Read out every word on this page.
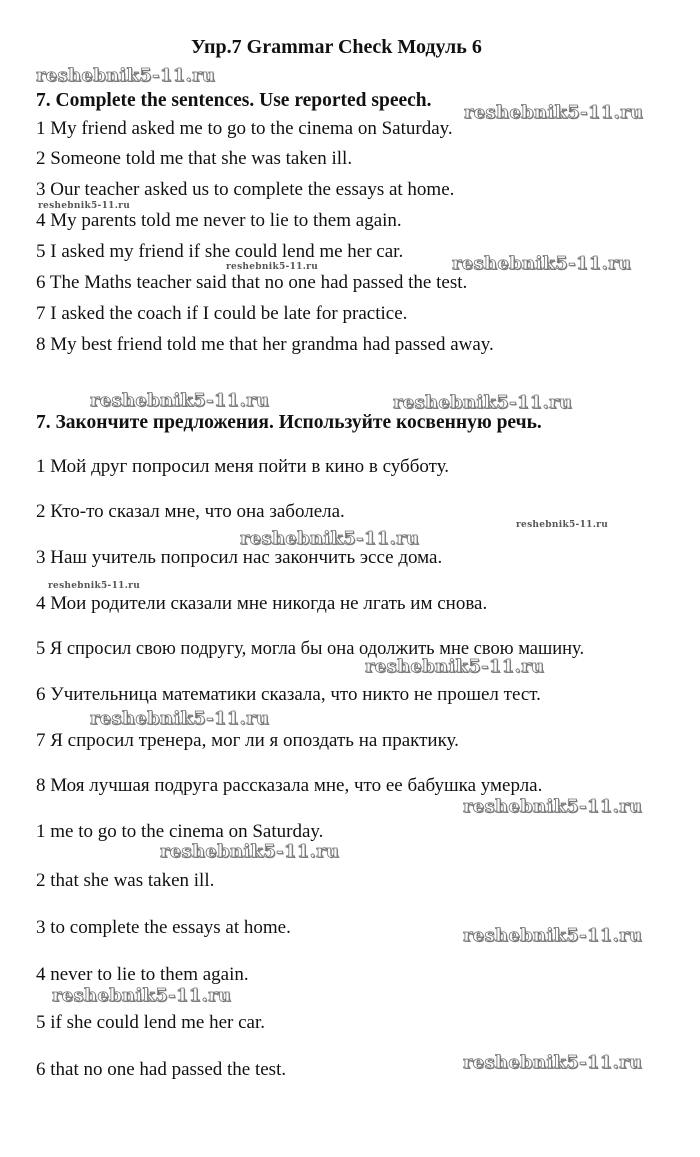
Упр.7 Grammar Check Модуль 6
7. Complete the sentences. Use reported speech.
1 My friend asked me to go to the cinema on Saturday.
2 Someone told me that she was taken ill.
3 Our teacher asked us to complete the essays at home.
4 My parents told me never to lie to them again.
5 I asked my friend if she could lend me her car.
6 The Maths teacher said that no one had passed the test.
7 I asked the coach if I could be late for practice.
8 My best friend told me that her grandma had passed away.
7. Закончите предложения. Используйте косвенную речь.
1 Мой друг попросил меня пойти в кино в субботу.
2 Кто-то сказал мне, что она заболела.
3 Наш учитель попросил нас закончить эссе дома.
4 Мои родители сказали мне никогда не лгать им снова.
5 Я спросил свою подругу, могла бы она одолжить мне свою машину.
6 Учительница математики сказала, что никто не прошел тест.
7 Я спросил тренера, мог ли я опоздать на практику.
8 Моя лучшая подруга рассказала мне, что ее бабушка умерла.
1 me to go to the cinema on Saturday.
2 that she was taken ill.
3 to complete the essays at home.
4 never to lie to them again.
5 if she could lend me her car.
6 that no one had passed the test.
reshebnik5-11.ru
reshebnik5-11.ru
reshebnik5-11.ru
reshebnik5-11.ru	reshebnik5-11.ru
reshebnik5-11.ru	reshebnik5-11.ru
reshebnik5-11.ru
reshebnik5-11.ru
reshebnik5-11.ru
reshebnik5-11.ru
reshebnik5-11.ru
reshebnik5-11.ru
reshebnik5-11.ru
reshebnik5-11.ru
reshebnik5-11.ru
reshebnik5-11.ru
